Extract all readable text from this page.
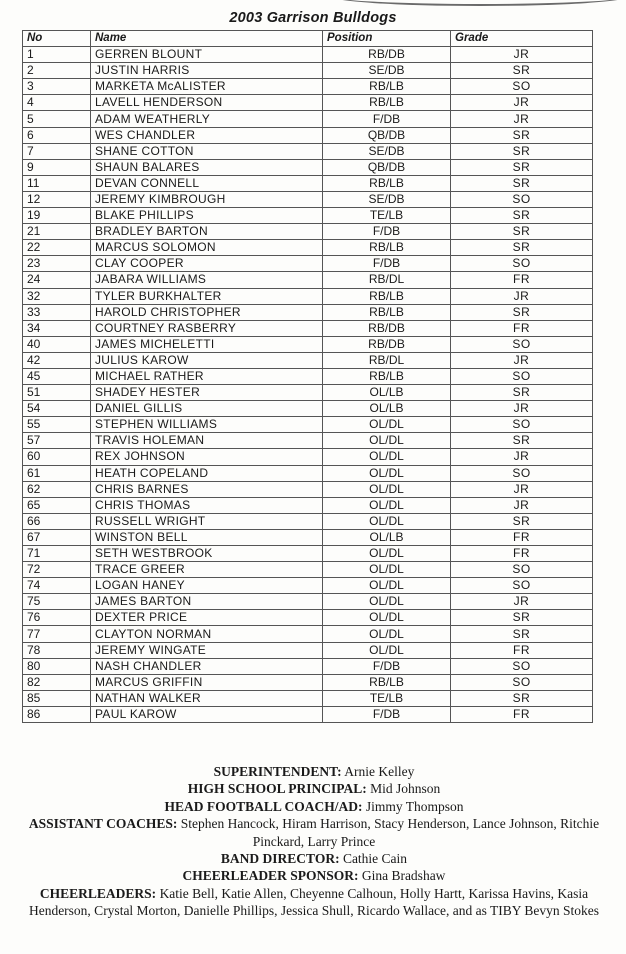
2003 Garrison Bulldogs
No	Name	Position	Grade
1	GERREN BLOUNT	RB/DB	JR
2	JUSTIN HARRIS	SE/DB	SR
3	MARKETA McALISTER	RB/LB	SO
4	LAVELL HENDERSON	RB/LB	JR
5	ADAM WEATHERLY	F/DB	JR
6	WES CHANDLER	QB/DB	SR
7	SHANE COTTON	SE/DB	SR
9	SHAUN BALARES	QB/DB	SR
11	DEVAN CONNELL	RB/LB	SR
12	JEREMY KIMBROUGH	SE/DB	SO
19	BLAKE PHILLIPS	TE/LB	SR
21	BRADLEY BARTON	F/DB	SR
22	MARCUS SOLOMON	RB/LB	SR
23	CLAY COOPER	F/DB	SO
24	JABARA WILLIAMS	RB/DL	FR
32	TYLER BURKHALTER	RB/LB	JR
33	HAROLD CHRISTOPHER	RB/LB	SR
34	COURTNEY RASBERRY	RB/DB	FR
40	JAMES MICHELETTI	RB/DB	SO
42	JULIUS KAROW	RB/DL	JR
45	MICHAEL RATHER	RB/LB	SO
51	SHADEY HESTER	OL/LB	SR
54	DANIEL GILLIS	OL/LB	JR
55	STEPHEN WILLIAMS	OL/DL	SO
57	TRAVIS HOLEMAN	OL/DL	SR
60	REX JOHNSON	OL/DL	JR
61	HEATH COPELAND	OL/DL	SO
62	CHRIS BARNES	OL/DL	JR
65	CHRIS THOMAS	OL/DL	JR
66	RUSSELL WRIGHT	OL/DL	SR
67	WINSTON BELL	OL/LB	FR
71	SETH WESTBROOK	OL/DL	FR
72	TRACE GREER	OL/DL	SO
74	LOGAN HANEY	OL/DL	SO
75	JAMES BARTON	OL/DL	JR
76	DEXTER PRICE	OL/DL	SR
77	CLAYTON NORMAN	OL/DL	SR
78	JEREMY WINGATE	OL/DL	FR
80	NASH CHANDLER	F/DB	SO
82	MARCUS GRIFFIN	RB/LB	SO
85	NATHAN WALKER	TE/LB	SR
86	PAUL KAROW	F/DB	FR

SUPERINTENDENT: Arnie Kelley

HIGH SCHOOL PRINCIPAL: Mid Johnson

HEAD FOOTBALL COACH/AD: Jimmy Thompson

ASSISTANT COACHES: Stephen Hancock, Hiram Harrison, Stacy Henderson, Lance Johnson, Ritchie Pinckard, Larry Prince

BAND DIRECTOR: Cathie Cain

CHEERLEADER SPONSOR: Gina Bradshaw

CHEERLEADERS: Katie Bell, Katie Allen, Cheyenne Calhoun, Holly Hartt, Karissa Havins, Kasia Henderson, Crystal Morton, Danielle Phillips, Jessica Shull, Ricardo Wallace, and as TIBY Bevyn Stokes
